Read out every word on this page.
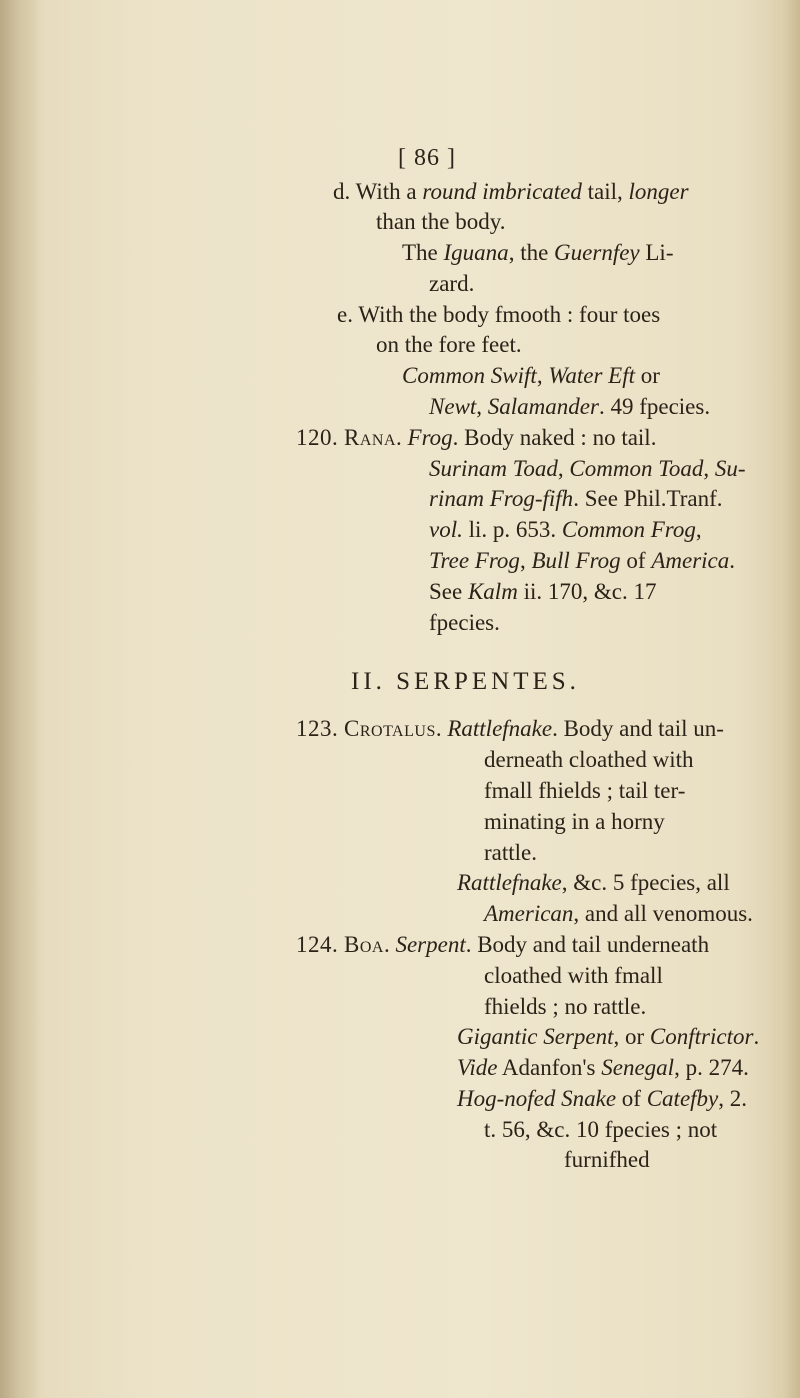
[ 86 ]
d. With a round imbricated tail, longer
than the body.
The Iguana, the Guernfey Li-
zard.
e. With the body fmooth : four toes
on the fore feet.
Common Swift, Water Eft or
Newt, Salamander. 49 fpecies.
120. Rana. Frog. Body naked : no tail.
Surinam Toad, Common Toad, Su-
rinam Frog-fifh. See Phil.Tranf.
vol. li. p. 653. Common Frog,
Tree Frog, Bull Frog of America.
See Kalm ii. 170, &c. 17
fpecies.
II. SERPENTES.
123. Crotalus. Rattlefnake. Body and tail un-
derneath cloathed with
fmall fhields ; tail ter-
minating in a horny
rattle.
Rattlefnake, &c. 5 fpecies, all
American, and all venomous.
124. Boa. Serpent. Body and tail underneath
cloathed with fmall
fhields ; no rattle.
Gigantic Serpent, or Conftrictor.
Vide Adanfon's Senegal, p. 274.
Hog-nofed Snake of Catefby, 2.
t. 56, &c. 10 fpecies ; not
furnifhed
